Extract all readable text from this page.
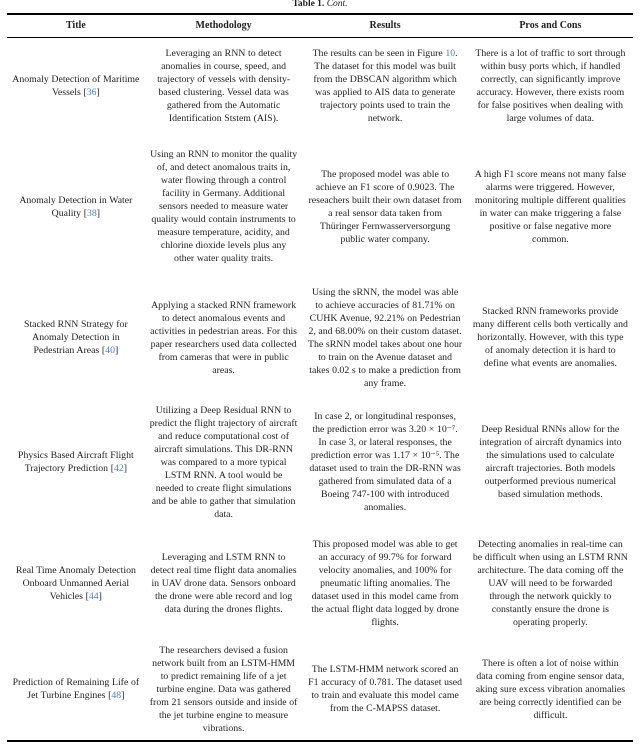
Table 1. Cont.
Title	Methodology	Results	Pros and Cons
Anomaly Detection of Maritime Vessels [36]	Leveraging an RNN to detect anomalies in course, speed, and trajectory of vessels with density-based clustering. Vessel data was gathered from the Automatic Identification Ststem (AIS).	The results can be seen in Figure 10. The dataset for this model was built from the DBSCAN algorithm which was applied to AIS data to generate trajectory points used to train the network.	There is a lot of traffic to sort through within busy ports which, if handled correctly, can significantly improve accuracy. However, there exists room for false positives when dealing with large volumes of data.
Anomaly Detection in Water Quality [38]	Using an RNN to monitor the quality of, and detect anomalous traits in, water flowing through a control facility in Germany. Additional sensors needed to measure water quality would contain instruments to measure temperature, acidity, and chlorine dioxide levels plus any other water quality traits.	The proposed model was able to achieve an F1 score of 0.9023. The reseachers built their own dataset from a real sensor data taken from Thüringer Fernwasserversorgung public water company.	A high F1 score means not many false alarms were triggered. However, monitoring multiple different qualities in water can make triggering a false positive or false negative more common.
Stacked RNN Strategy for Anomaly Detection in Pedestrian Areas [40]	Applying a stacked RNN framework to detect anomalous events and activities in pedestrian areas. For this paper researchers used data collected from cameras that were in public areas.	Using the sRNN, the model was able to achieve accuracies of 81.71% on CUHK Avenue, 92.21% on Pedestrian 2, and 68.00% on their custom dataset. The sRNN model takes about one hour to train on the Avenue dataset and takes 0.02 s to make a prediction from any frame.	Stacked RNN frameworks provide many different cells both vertically and horizontally. However, with this type of anomaly detection it is hard to define what events are anomalies.
Physics Based Aircraft Flight Trajectory Prediction [42]	Utilizing a Deep Residual RNN to predict the flight trajectory of aircraft and reduce computational cost of aircraft simulations. This DR-RNN was compared to a more typical LSTM RNN. A tool would be needed to create flight simulations and be able to gather that simulation data.	In case 2, or longitudinal responses, the prediction error was 3.20 × 10⁻⁷. In case 3, or lateral responses, the prediction error was 1.17 × 10⁻⁵. The dataset used to train the DR-RNN was gathered from simulated data of a Boeing 747-100 with introduced anomalies.	Deep Residual RNNs allow for the integration of aircraft dynamics into the simulations used to calculate aircraft trajectories. Both models outperformed previous numerical based simulation methods.
Real Time Anomaly Detection Onboard Unmanned Aerial Vehicles [44]	Leveraging and LSTM RNN to detect real time flight data anomalies in UAV drone data. Sensors onboard the drone were able record and log data during the drones flights.	This proposed model was able to get an accuracy of 99.7% for forward velocity anomalies, and 100% for pneumatic lifting anomalies. The dataset used in this model came from the actual flight data logged by drone flights.	Detecting anomalies in real-time can be difficult when using an LSTM RNN architecture. The data coming off the UAV will need to be forwarded through the network quickly to constantly ensure the drone is operating properly.
Prediction of Remaining Life of Jet Turbine Engines [48]	The researchers devised a fusion network built from an LSTM-HMM to predict remaining life of a jet turbine engine. Data was gathered from 21 sensors outside and inside of the jet turbine engine to measure vibrations.	The LSTM-HMM network scored an F1 accuracy of 0.781. The dataset used to train and evaluate this model came from the C-MAPSS dataset.	There is often a lot of noise within data coming from engine sensor data, aking sure excess vibration anomalies are being correctly identified can be difficult.
